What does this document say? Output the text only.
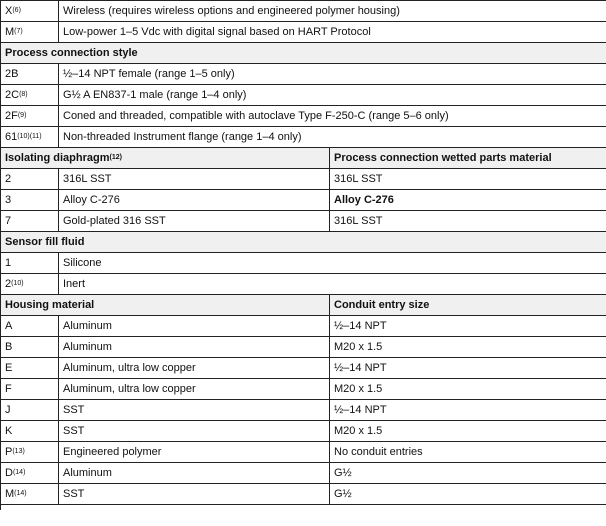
$X^{(6)}$	Wireless (requires wireless options and engineered polymer housing)	
$M^{(7)}$	Low-power 1–5 Vdc with digital signal based on HART Protocol	
Process connection style		
2B	½–14 NPT female (range 1–5 only)	
$2C^{(8)}$	G½ A EN837-1 male (range 1–4 only)	
$2F^{(9)}$	Coned and threaded, compatible with autoclave Type F-250-C (range 5–6 only)	
$61^{(10)(11)}$	Non-threaded Instrument flange (range 1–4 only)	
Isolating diaphragm$^{(12)}$		Process connection wetted parts material
2	316L SST	316L SST
3	Alloy C-276	Alloy C-276
7	Gold-plated 316 SST	316L SST
Sensor fill fluid		
1	Silicone	
2$^{(10)}$	Inert	
Housing material		Conduit entry size
A	Aluminum	½–14 NPT
B	Aluminum	M20 x 1.5
E	Aluminum, ultra low copper	½–14 NPT
F	Aluminum, ultra low copper	M20 x 1.5
J	SST	½–14 NPT
K	SST	M20 x 1.5
$P^{(13)}$	Engineered polymer	No conduit entries
$D^{(14)}$	Aluminum	G½
$M^{(14)}$	SST	G½
